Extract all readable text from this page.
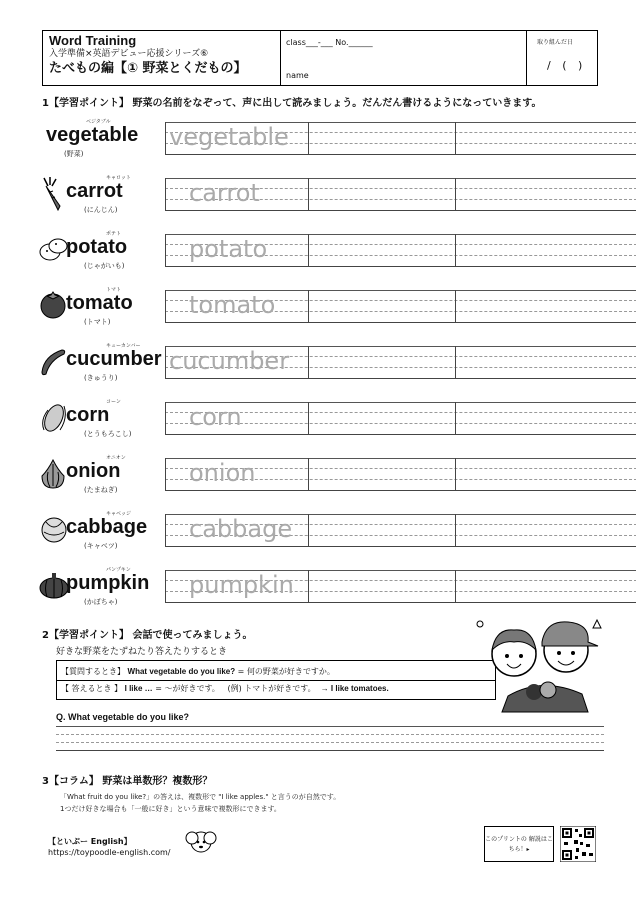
Word Training
入学準備×英語デビュー応援シリーズ⑥
たべもの編【① 野菜とくだもの】
class___-___ No.______
name
取り組んだ日
/ ( )
1【学習ポイント】 野菜の名前をなぞって、声に出して読みましょう。だんだん書けるようになっていきます。
ベジタブル
vegetable
(野菜)
vegetable
キャロット
carrot
(にんじん)
carrot
ポテト
potato
(じゃがいも)
potato
トマト
tomato
(トマト)
tomato
キューカンバー
cucumber
(きゅうり)
cucumber
コーン
corn
(とうもろこし)
corn
オニオン
onion
(たまねぎ)
onion
キャベッジ
cabbage
(キャベツ)
cabbage
パンプキン
pumpkin
(かぼちゃ)
pumpkin
2【学習ポイント】 会話で使ってみましょう。
好きな野菜をたずねたり答えたりするとき
【質問するとき】 What vegetable do you like? = 何の野菜が好きですか。
【 答えるとき 】 I like … = ～が好きです。 (例) トマトが好きです。 → I like tomatoes.
Q. What vegetable do you like?
3【コラム】 野菜は単数形？複数形？
「What fruit do you like?」の答えは、複数形で "I like apples." と言うのが自然です。
1つだけ好きな場合も「一般に好き」という意味で複数形にできます。
【といぷー English】
https://toypoodle-english.com/
このプリントの 解説はこちら！▸
